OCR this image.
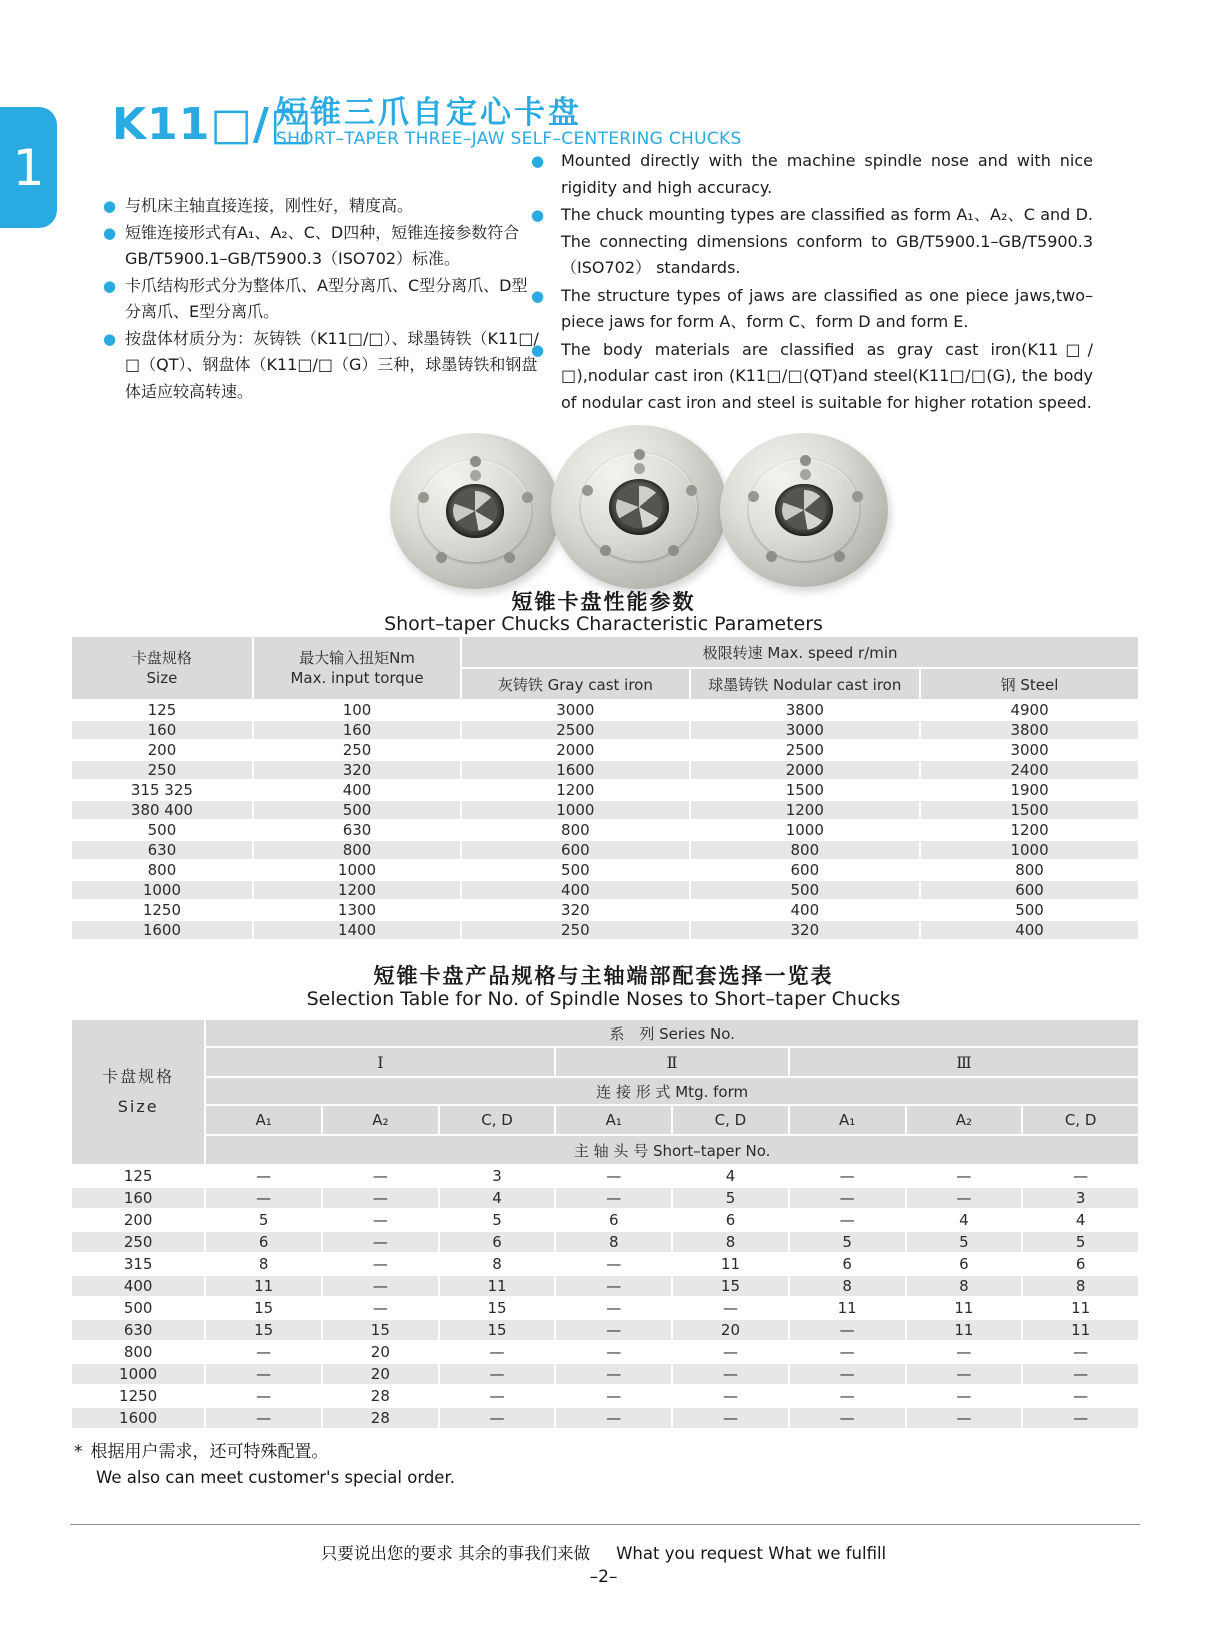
1
K11□/□
短锥三爪自定心卡盘
SHORT–TAPER THREE–JAW SELF–CENTERING CHUCKS
● 与机床主轴直接连接，刚性好，精度高。
● 短锥连接形式有A₁、A₂、C、D四种，短锥连接参数符合GB/T5900.1–GB/T5900.3（ISO702）标准。
● 卡爪结构形式分为整体爪、A型分离爪、C型分离爪、D型分离爪、E型分离爪。
● 按盘体材质分为：灰铸铁（K11□/□）、球墨铸铁（K11□/□（QT）、钢盘体（K11□/□（G）三种，球墨铸铁和钢盘体适应较高转速。
● Mounted directly with the machine spindle nose and with nice rigidity and high accuracy.
● The chuck mounting types are classified as form A₁、A₂、C and D. The connecting dimensions conform to GB/T5900.1–GB/T5900.3 （ISO702） standards.
● The structure types of jaws are classified as one piece jaws,two–piece jaws for form A、form C、form D and form E.
● The body materials are classified as gray cast iron(K11□/□),nodular cast iron (K11□/□(QT)and steel(K11□/□(G), the body of nodular cast iron and steel is suitable for higher rotation speed.
短锥卡盘性能参数
Short–taper Chucks Characteristic Parameters
卡盘规格
Size

最大输入扭矩Nm
Max. input torque
	极限转速 Max. speed r/min
		灰铸铁 Gray cast iron	球墨铸铁 Nodular cast iron	钢 Steel
125	100	3000	3800	4900
160	160	2500	3000	3800
200	250	2000	2500	3000
250	320	1600	2000	2400
315 325	400	1200	1500	1900
380 400	500	1000	1200	1500
500	630	800	1000	1200
630	800	600	800	1000
800	1000	500	600	800
1000	1200	400	500	600
1250	1300	320	400	500
1600	1400	250	320	400
短锥卡盘产品规格与主轴端部配套选择一览表
Selection Table for No. of Spindle Noses to Short–taper Chucks
卡盘规格
Size	系　列 Series No.							
	Ⅰ			Ⅱ		Ⅲ		
	连 接 形 式 Mtg. form							
	A₁	A₂	C, D	A₁	C, D	A₁	A₂	C, D
	主 轴 头 号 Short–taper No.							
125	—	—	3	—	4	—	—	—
160	—	—	4	—	5	—	—	3
200	5	—	5	6	6	—	4	4
250	6	—	6	8	8	5	5	5
315	8	—	8	—	11	6	6	6
400	11	—	11	—	15	8	8	8
500	15	—	15	—	—	11	11	11
630	15	15	15	—	20	—	11	11
800	—	20	—	—	—	—	—	—
1000	—	20	—	—	—	—	—	—
1250	—	28	—	—	—	—	—	—
1600	—	28	—	—	—	—	—	—
* 根据用户需求，还可特殊配置。
We also can meet customer's special order.
只要说出您的要求 其余的事我们来做 What you request What we fulfill
–2–
